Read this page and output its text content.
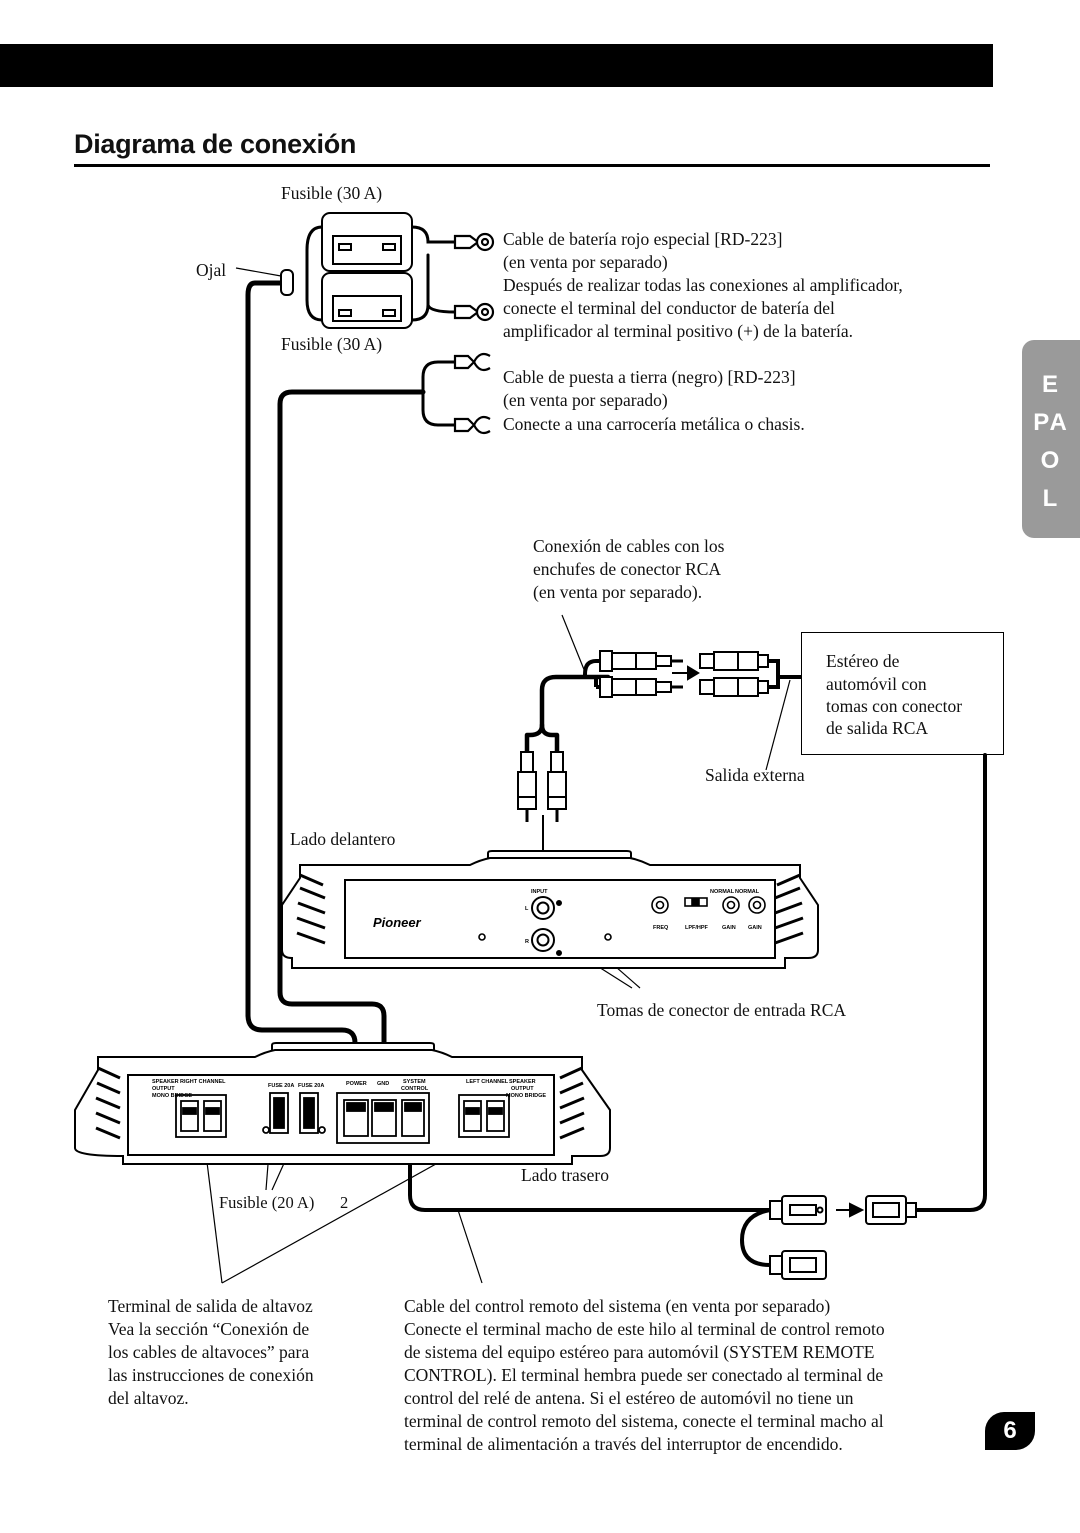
Diagrama de conexión
E PA O L
INPUT
L
R
NORMAL NORMAL
FREQ	LPF/HPF	GAIN GAIN
SPEAKER RIGHT CHANNEL
OUTPUT
MONO BRIDGE
FUSE 20A FUSE 20A	POWER GND	SYSTEM
CONTROL
LEFT CHANNEL SPEAKER
OUTPUT
MONO BRIDGE
Pioneer
Fusible (30 A)
Ojal
Fusible (30 A)
Cable de batería rojo especial [RD-223]
(en venta por separado)
Después de realizar todas las conexiones al amplificador,
conecte el terminal del conductor de batería del
amplificador al terminal positivo (+) de la batería.
Cable de puesta a tierra (negro) [RD-223]
(en venta por separado)
Conecte a una carrocería metálica o chasis.
Conexión de cables con los
enchufes de conector RCA
(en venta por separado).
Estéreo de
automóvil con
tomas con conector
de salida RCA
Salida externa
Lado delantero
Tomas de conector de entrada RCA
Lado trasero
Fusible (20 A) 2
Terminal de salida de altavoz
Vea la sección “Conexión de
los cables de altavoces” para
las instrucciones de conexión
del altavoz.
Cable del control remoto del sistema (en venta por separado)
Conecte el terminal macho de este hilo al terminal de control remoto
de sistema del equipo estéreo para automóvil (SYSTEM REMOTE
CONTROL). El terminal hembra puede ser conectado al terminal de
control del relé de antena. Si el estéreo de automóvil no tiene un
terminal de control remoto del sistema, conecte el terminal macho al
terminal de alimentación a través del interruptor de encendido.	6
